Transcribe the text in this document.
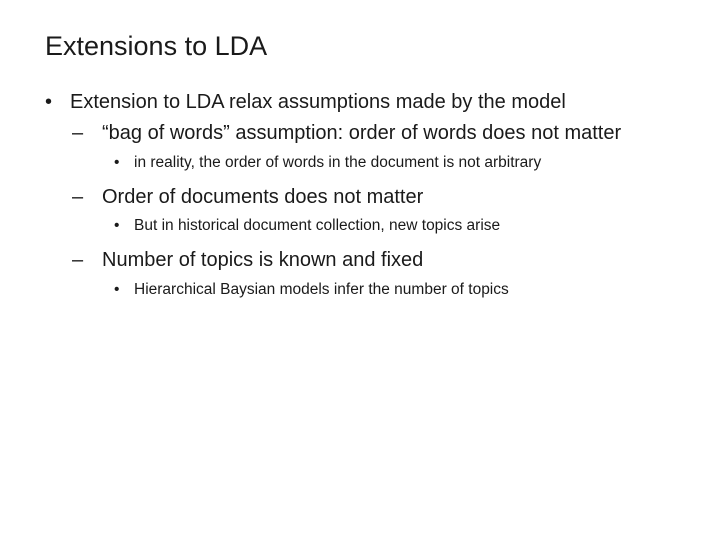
Extensions to LDA
• Extension to LDA relax assumptions made by the model
– “bag of words” assumption: order of words does not matter
• in reality, the order of words in the document is not arbitrary
– Order of documents does not matter
• But in historical document collection, new topics arise
– Number of topics is known and fixed
• Hierarchical Baysian models infer the number of topics
